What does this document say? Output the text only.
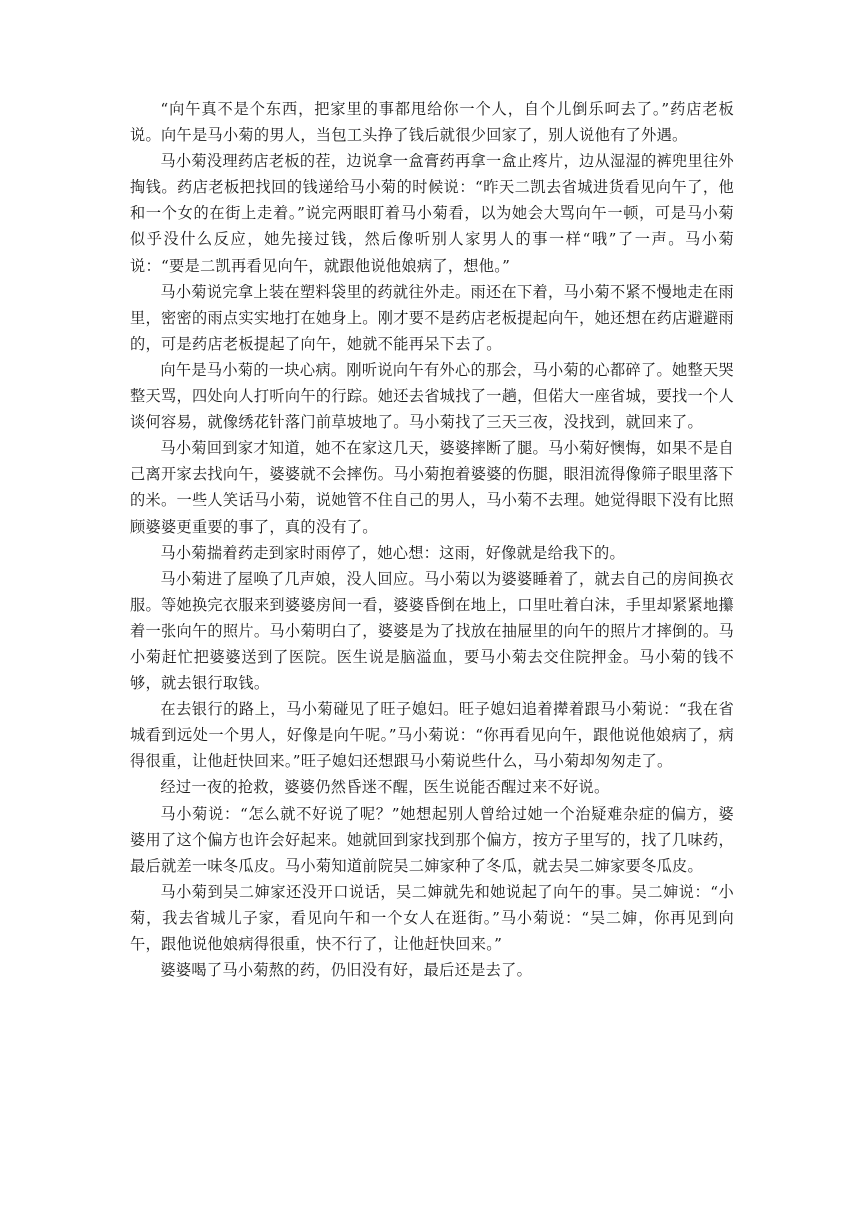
“向午真不是个东西，把家里的事都甩给你一个人，自个儿倒乐呵去了。”药店老板说。向午是马小菊的男人，当包工头挣了钱后就很少回家了，别人说他有了外遇。

马小菊没理药店老板的茬，边说拿一盒膏药再拿一盒止疼片，边从湿湿的裤兜里往外掏钱。药店老板把找回的钱递给马小菊的时候说：“昨天二凯去省城进货看见向午了，他和一个女的在街上走着。”说完两眼盯着马小菊看，以为她会大骂向午一顿，可是马小菊似乎没什么反应，她先接过钱，然后像听别人家男人的事一样“哦”了一声。马小菊说：“要是二凯再看见向午，就跟他说他娘病了，想他。”

马小菊说完拿上装在塑料袋里的药就往外走。雨还在下着，马小菊不紧不慢地走在雨里，密密的雨点实实地打在她身上。刚才要不是药店老板提起向午，她还想在药店避避雨的，可是药店老板提起了向午，她就不能再呆下去了。

向午是马小菊的一块心病。刚听说向午有外心的那会，马小菊的心都碎了。她整天哭整天骂，四处向人打听向午的行踪。她还去省城找了一趟，但偌大一座省城，要找一个人谈何容易，就像绣花针落门前草坡地了。马小菊找了三天三夜，没找到，就回来了。

马小菊回到家才知道，她不在家这几天，婆婆摔断了腿。马小菊好懊悔，如果不是自己离开家去找向午，婆婆就不会摔伤。马小菊抱着婆婆的伤腿，眼泪流得像筛子眼里落下的米。一些人笑话马小菊，说她管不住自己的男人，马小菊不去理。她觉得眼下没有比照顾婆婆更重要的事了，真的没有了。

马小菊揣着药走到家时雨停了，她心想：这雨，好像就是给我下的。

马小菊进了屋唤了几声娘，没人回应。马小菊以为婆婆睡着了，就去自己的房间换衣服。等她换完衣服来到婆婆房间一看，婆婆昏倒在地上，口里吐着白沫，手里却紧紧地攥着一张向午的照片。马小菊明白了，婆婆是为了找放在抽屉里的向午的照片才摔倒的。马小菊赶忙把婆婆送到了医院。医生说是脑溢血，要马小菊去交住院押金。马小菊的钱不够，就去银行取钱。

在去银行的路上，马小菊碰见了旺子媳妇。旺子媳妇追着撵着跟马小菊说：“我在省城看到远处一个男人，好像是向午呢。”马小菊说：“你再看见向午，跟他说他娘病了，病得很重，让他赶快回来。”旺子媳妇还想跟马小菊说些什么，马小菊却匆匆走了。

经过一夜的抢救，婆婆仍然昏迷不醒，医生说能否醒过来不好说。

马小菊说：“怎么就不好说了呢？”她想起别人曾给过她一个治疑难杂症的偏方，婆婆用了这个偏方也许会好起来。她就回到家找到那个偏方，按方子里写的，找了几味药，最后就差一味冬瓜皮。马小菊知道前院吴二婶家种了冬瓜，就去吴二婶家要冬瓜皮。

马小菊到吴二婶家还没开口说话，吴二婶就先和她说起了向午的事。吴二婶说：“小菊，我去省城儿子家，看见向午和一个女人在逛街。”马小菊说：“吴二婶，你再见到向午，跟他说他娘病得很重，快不行了，让他赶快回来。”

婆婆喝了马小菊熬的药，仍旧没有好，最后还是去了。
